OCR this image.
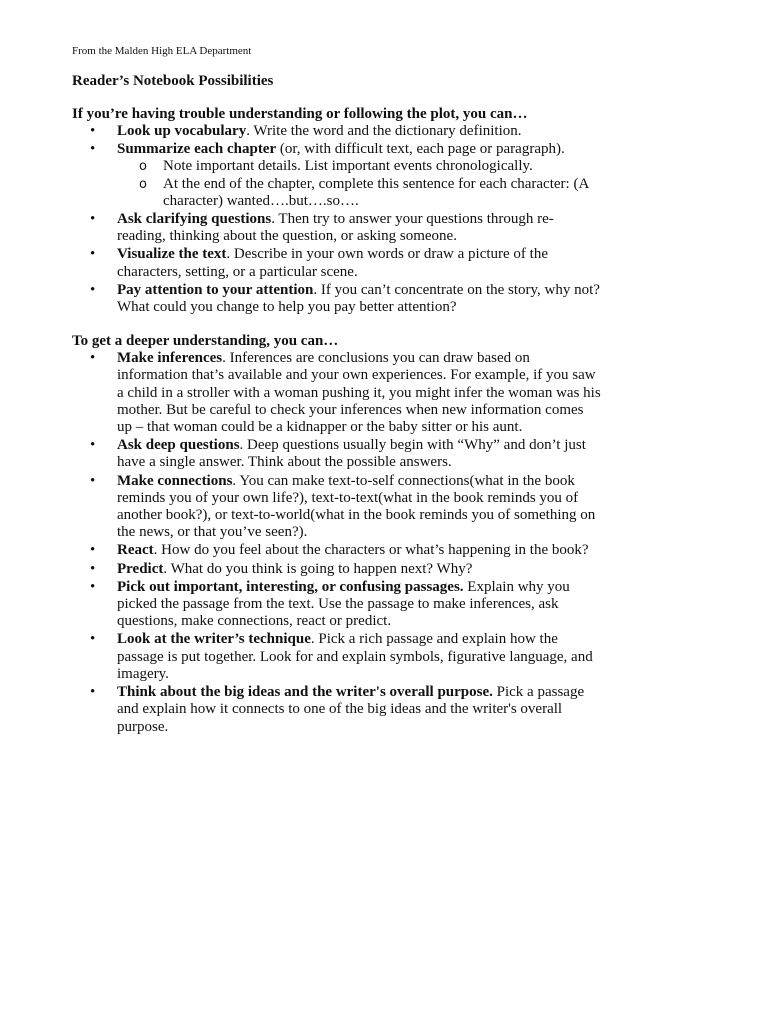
From the Malden High ELA Department
Reader’s Notebook Possibilities
If you’re having trouble understanding or following the plot, you can…
• Look up vocabulary. Write the word and the dictionary definition.
• Summarize each chapter (or, with difficult text, each page or paragraph).
o Note important details. List important events chronologically.
o At the end of the chapter, complete this sentence for each character: (A character) wanted….but….so….
• Ask clarifying questions. Then try to answer your questions through re-reading, thinking about the question, or asking someone.
• Visualize the text. Describe in your own words or draw a picture of the characters, setting, or a particular scene.
• Pay attention to your attention. If you can’t concentrate on the story, why not? What could you change to help you pay better attention?
To get a deeper understanding, you can…
• Make inferences. Inferences are conclusions you can draw based on information that’s available and your own experiences. For example, if you saw a child in a stroller with a woman pushing it, you might infer the woman was his mother. But be careful to check your inferences when new information comes up – that woman could be a kidnapper or the baby sitter or his aunt.
• Ask deep questions. Deep questions usually begin with “Why” and don’t just have a single answer. Think about the possible answers.
• Make connections. You can make text-to-self connections(what in the book reminds you of your own life?), text-to-text(what in the book reminds you of another book?), or text-to-world(what in the book reminds you of something on the news, or that you’ve seen?).
• React. How do you feel about the characters or what’s happening in the book?
• Predict. What do you think is going to happen next? Why?
• Pick out important, interesting, or confusing passages. Explain why you picked the passage from the text. Use the passage to make inferences, ask questions, make connections, react or predict.
• Look at the writer’s technique. Pick a rich passage and explain how the passage is put together. Look for and explain symbols, figurative language, and imagery.
• Think about the big ideas and the writer's overall purpose. Pick a passage and explain how it connects to one of the big ideas and the writer's overall purpose.
